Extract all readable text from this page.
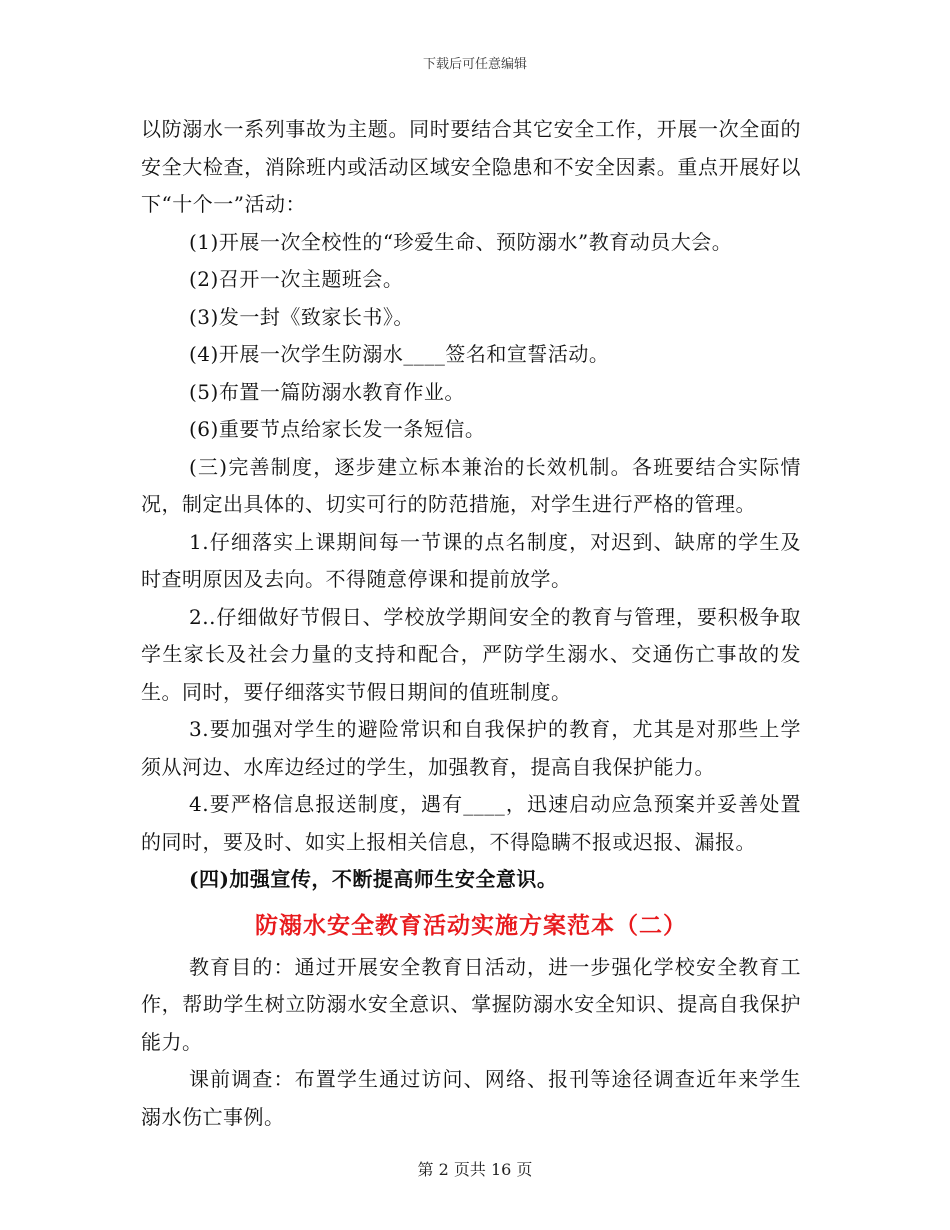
下载后可任意编辑

以防溺水一系列事故为主题。同时要结合其它安全工作，开展一次全面的安全大检查，消除班内或活动区域安全隐患和不安全因素。重点开展好以下“十个一”活动：

(1)开展一次全校性的“珍爱生命、预防溺水”教育动员大会。

(2)召开一次主题班会。

(3)发一封《致家长书》。

(4)开展一次学生防溺水____签名和宣誓活动。

(5)布置一篇防溺水教育作业。

(6)重要节点给家长发一条短信。

(三)完善制度，逐步建立标本兼治的长效机制。各班要结合实际情况，制定出具体的、切实可行的防范措施，对学生进行严格的管理。

1.仔细落实上课期间每一节课的点名制度，对迟到、缺席的学生及时查明原因及去向。不得随意停课和提前放学。

2..仔细做好节假日、学校放学期间安全的教育与管理，要积极争取学生家长及社会力量的支持和配合，严防学生溺水、交通伤亡事故的发生。同时，要仔细落实节假日期间的值班制度。

3.要加强对学生的避险常识和自我保护的教育，尤其是对那些上学须从河边、水库边经过的学生，加强教育，提高自我保护能力。

4.要严格信息报送制度，遇有____，迅速启动应急预案并妥善处置的同时，要及时、如实上报相关信息，不得隐瞒不报或迟报、漏报。

(四)加强宣传，不断提高师生安全意识。

防溺水安全教育活动实施方案范本（二）

教育目的：通过开展安全教育日活动，进一步强化学校安全教育工作，帮助学生树立防溺水安全意识、掌握防溺水安全知识、提高自我保护能力。

课前调查：布置学生通过访问、网络、报刊等途径调查近年来学生溺水伤亡事例。

第 2 页共 16 页
